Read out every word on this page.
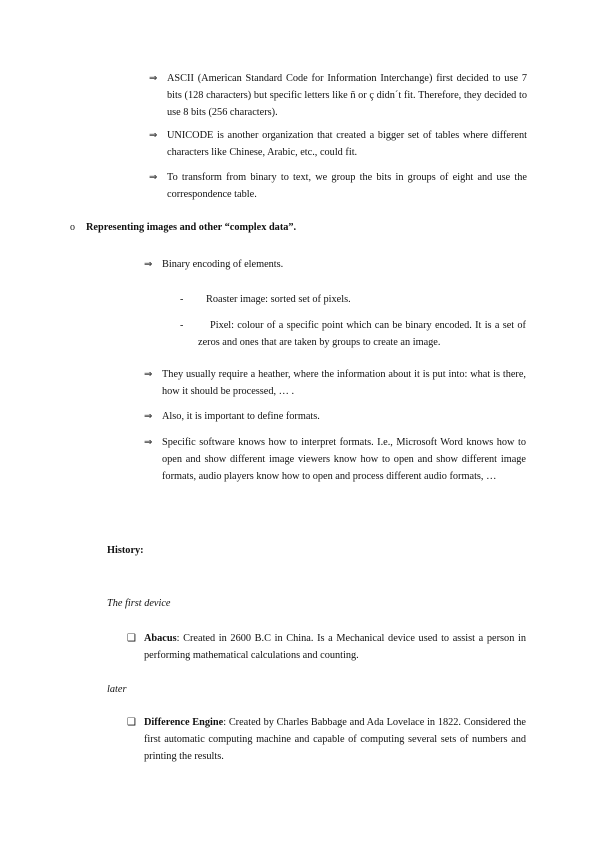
⇒ ASCII (American Standard Code for Information Interchange) first decided to use 7 bits (128 characters) but specific letters like ñ or ç didn´t fit. Therefore, they decided to use 8 bits (256 characters).
⇒ UNICODE is another organization that created a bigger set of tables where different characters like Chinese, Arabic, etc., could fit.
⇒ To transform from binary to text, we group the bits in groups of eight and use the correspondence table.
o Representing images and other “complex data”.
⇒ Binary encoding of elements.
- Roaster image: sorted set of pixels.
-	Pixel: colour of a specific point which can be binary encoded. It is a set of zeros and ones that are taken by groups to create an image.
⇒ They usually require a heather, where the information about it is put into: what is there, how it should be processed, … .
⇒ Also, it is important to define formats.
⇒ Specific software knows how to interpret formats. I.e., Microsoft Word knows how to open and show different image viewers know how to open and show different image formats, audio players know how to open and process different audio formats, …
History:
The first device
❑ Abacus: Created in 2600 B.C in China. Is a Mechanical device used to assist a person in performing mathematical calculations and counting.
later
❑ Difference Engine: Created by Charles Babbage and Ada Lovelace in 1822. Considered the first automatic computing machine and capable of computing several sets of numbers and printing the results.
